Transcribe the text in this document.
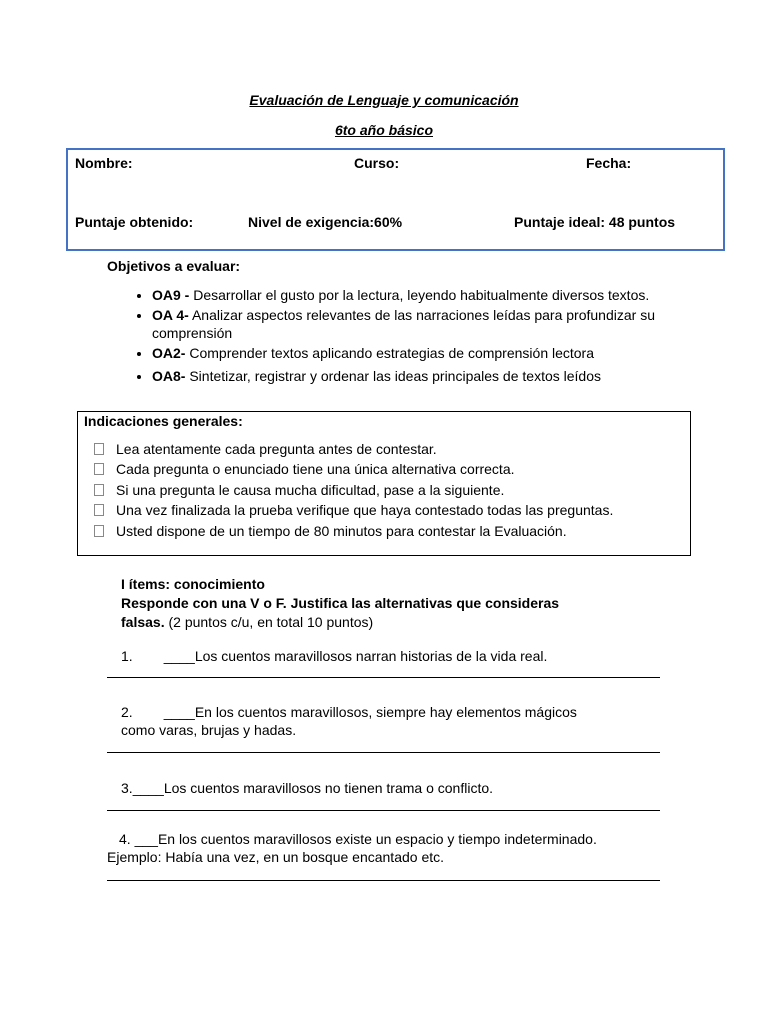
Evaluación de Lenguaje y comunicación
6to año básico
Nombre:	Curso:	Fecha:
Puntaje obtenido:	Nivel de exigencia:60%	Puntaje ideal: 48 puntos
Objetivos a evaluar:
• OA9 - Desarrollar el gusto por la lectura, leyendo habitualmente diversos textos.
• OA 4- Analizar aspectos relevantes de las narraciones leídas para profundizar su comprensión
• OA2- Comprender textos aplicando estrategias de comprensión lectora
• OA8- Sintetizar, registrar y ordenar las ideas principales de textos leídos
Indicaciones generales:
Lea atentamente cada pregunta antes de contestar.
Cada pregunta o enunciado tiene una única alternativa correcta.
Si una pregunta le causa mucha dificultad, pase a la siguiente.
Una vez finalizada la prueba verifique que haya contestado todas las preguntas.
Usted dispone de un tiempo de 80 minutos para contestar la Evaluación.
I ítems: conocimiento
Responde con una V o F. Justifica las alternativas que consideras
falsas. (2 puntos c/u, en total 10 puntos)
1. ____Los cuentos maravillosos narran historias de la vida real.
2. ____En los cuentos maravillosos, siempre hay elementos mágicos
como varas, brujas y hadas.
3.____Los cuentos maravillosos no tienen trama o conflicto.
4. ___En los cuentos maravillosos existe un espacio y tiempo indeterminado.
Ejemplo: Había una vez, en un bosque encantado etc.
